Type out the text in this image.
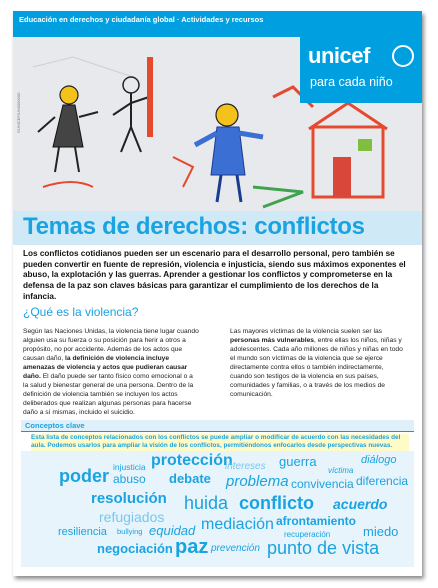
Educación en derechos y ciudadanía global · Actividades y recursos
©UNICEF/UN0000000
unicef
para cada niño
Temas de derechos: conflictos
Los conflictos cotidianos pueden ser un escenario para el desarrollo personal, pero también se pueden convertir en fuente de represión, violencia e injusticia, siendo sus máximos exponentes el abuso, la explotación y las guerras. Aprender a gestionar los conflictos y comprometerse en la defensa de la paz son claves básicas para garantizar el cumplimiento de los derechos de la infancia.
¿Qué es la violencia?
Según las Naciones Unidas, la violencia tiene lugar cuando alguien usa su fuerza o su posición para herir a otros a propósito, no por accidente. Además de los actos que causan daño, la definición de violencia incluye amenazas de violencia y actos que pudieran causar daño. El daño puede ser tanto físico como emocional o a la salud y bienestar general de una persona. Dentro de la definición de violencia también se incluyen los actos deliberados que realizan algunas personas para hacerse daño a sí mismas, incluido el suicidio.
Las mayores víctimas de la violencia suelen ser las personas más vulnerables, entre ellas los niños, niñas y adolescentes. Cada año millones de niños y niñas en todo el mundo son víctimas de la violencia que se ejerce directamente contra ellos o también indirectamente, cuando son testigos de la violencia en sus países, comunidades y familias, o a través de los medios de comunicación.
Conceptos clave
Esta lista de conceptos relacionados con los conflictos se puede ampliar o modificar de acuerdo con las necesidades del aula. Podemos usarlos para ampliar la visión de los conflictos, permitiéndonos enfocarlos desde perspectivas nuevas.
protección	guerra	diálogo
injusticia	intereses	víctima
poder abuso debate problema convivencia diferencia
resolución huida conflicto acuerdo
refugiados	afrontamiento
mediación
resiliencia bullying equidad	recuperación	miedo
negociación paz prevención punto de vista
